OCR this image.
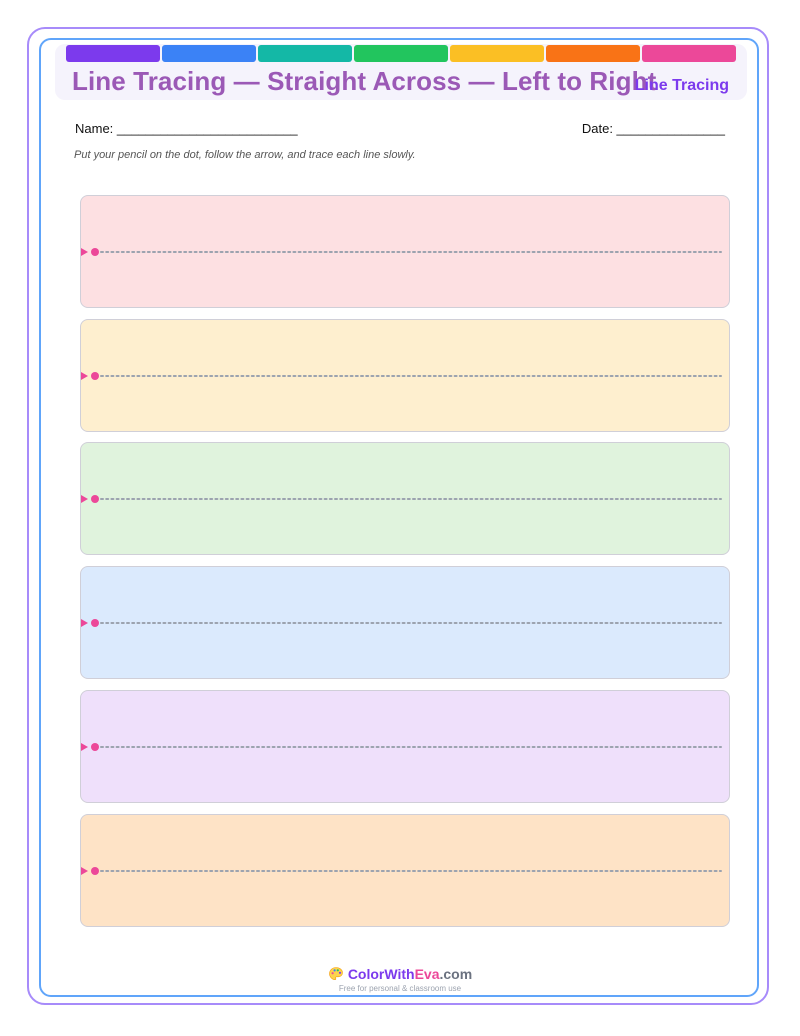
Line Tracing — Straight Across — Left to Right
Line Tracing
Name: _________________________	Date: _______________
Put your pencil on the dot, follow the arrow, and trace each line slowly.
ColorWithEva.com
Free for personal & classroom use
